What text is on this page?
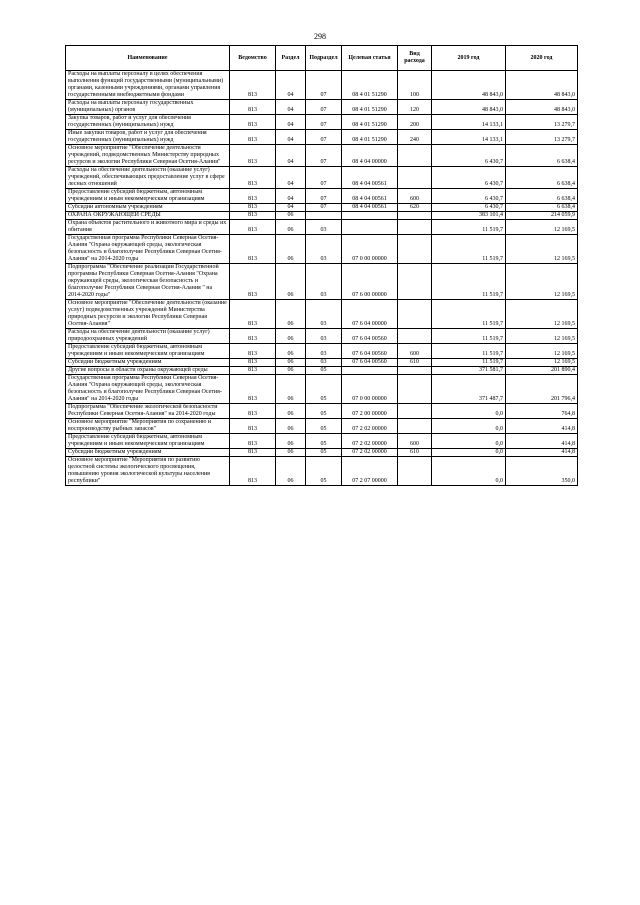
298
Наименование	Ведомство	Раздел	Подраздел	Целевая статья	Вид расхода	2019 год	2020 год
Расходы на выплаты персоналу в целях обеспечения выполнения функций государственными (муниципальными) органами, казенными учреждениями, органами управления государственными внебюджетными фондами	813	04	07	08 4 01 51290	100	48 843,0	48 843,0
Расходы на выплаты персоналу государственных (муниципальных) органов	813	04	07	08 4 01 51290	120	48 843,0	48 843,0
Закупка товаров, работ и услуг для обеспечения государственных (муниципальных) нужд	813	04	07	08 4 01 51290	200	14 133,1	13 279,7
Иные закупки товаров, работ и услуг для обеспечения государственных (муниципальных) нужд	813	04	07	08 4 01 51290	240	14 133,1	13 279,7
Основное мероприятие "Обеспечение деятельности учреждений, подведомственных Министерству природных ресурсов и экологии Республики Северная Осетия-Алания"	813	04	07	08 4 04 00000		6 430,7	6 638,4
Расходы на обеспечение деятельности (оказание услуг) учреждений, обеспечивающих предоставление услуг в сфере лесных отношений	813	04	07	08 4 04 00561		6 430,7	6 638,4
Предоставление субсидий бюджетным, автономным учреждениям и иным некоммерческим организациям	813	04	07	08 4 04 00561	600	6 430,7	6 638,4
Субсидии автономным учреждениям	813	04	07	08 4 04 00561	620	6 430,7	6 638,4
ОХРАНА ОКРУЖАЮЩЕЙ СРЕДЫ	813	06				383 101,4	214 059,9
Охрана объектов растительного и животного мира и среды их обитания	813	06	03			11 519,7	12 169,5
Государственная программа Республики Северная Осетия-Алания "Охрана окружающей среды, экологическая безопасность и благополучие Республики Северная Осетия-Алания" на 2014-2020 годы	813	06	03	07 0 00 00000		11 519,7	12 169,5
Подпрограмма "Обеспечение реализации Государственной программы Республики Северная Осетия-Алания "Охрана окружающей среды, экологическая безопасность и благополучие Республики Северная Осетия-Алания " на 2014-2020 годы"	813	06	03	07 6 00 00000		11 519,7	12 169,5
Основное мероприятие "Обеспечение деятельности (оказание услуг) подведомственных учреждений Министерства природных ресурсов и экологии Республики Северная Осетия-Алания"	813	06	03	07 6 04 00000		11 519,7	12 169,5
Расходы на обеспечение деятельности (оказание услуг) природоохранных учреждений	813	06	03	07 6 04 00560		11 519,7	12 169,5
Предоставление субсидий бюджетным, автономным учреждениям и иным некоммерческим организациям	813	06	03	07 6 04 00560	600	11 519,7	12 169,5
Субсидии бюджетным учреждениям	813	06	03	07 6 04 00560	610	11 519,7	12 169,5
Другие вопросы в области охраны окружающей среды	813	06	05			371 581,7	201 890,4
Государственная программа Республики Северная Осетия-Алания "Охрана окружающей среды, экологическая безопасность и благополучие Республики Северная Осетия-Алания" на 2014-2020 годы	813	06	05	07 0 00 00000		371 487,7	201 796,4
Подпрограмма "Обеспечение экологической безопасности Республики Северная Осетия-Алания" на 2014-2020 годы	813	06	05	07 2 00 00000		0,0	764,8
Основное мероприятие "Мероприятия по сохранению и воспроизводству рыбных запасов"	813	06	05	07 2 02 00000		0,0	414,8
Предоставление субсидий бюджетным, автономным учреждениям и иным некоммерческим организациям	813	06	05	07 2 02 00000	600	0,0	414,8
Субсидии бюджетным учреждениям	813	06	05	07 2 02 00000	610	0,0	414,8
Основное мероприятие "Мероприятия по развитию целостной системы экологического просвещения, повышению уровня экологической культуры населения республики"	813	06	05	07 2 07 00000		0,0	350,0
